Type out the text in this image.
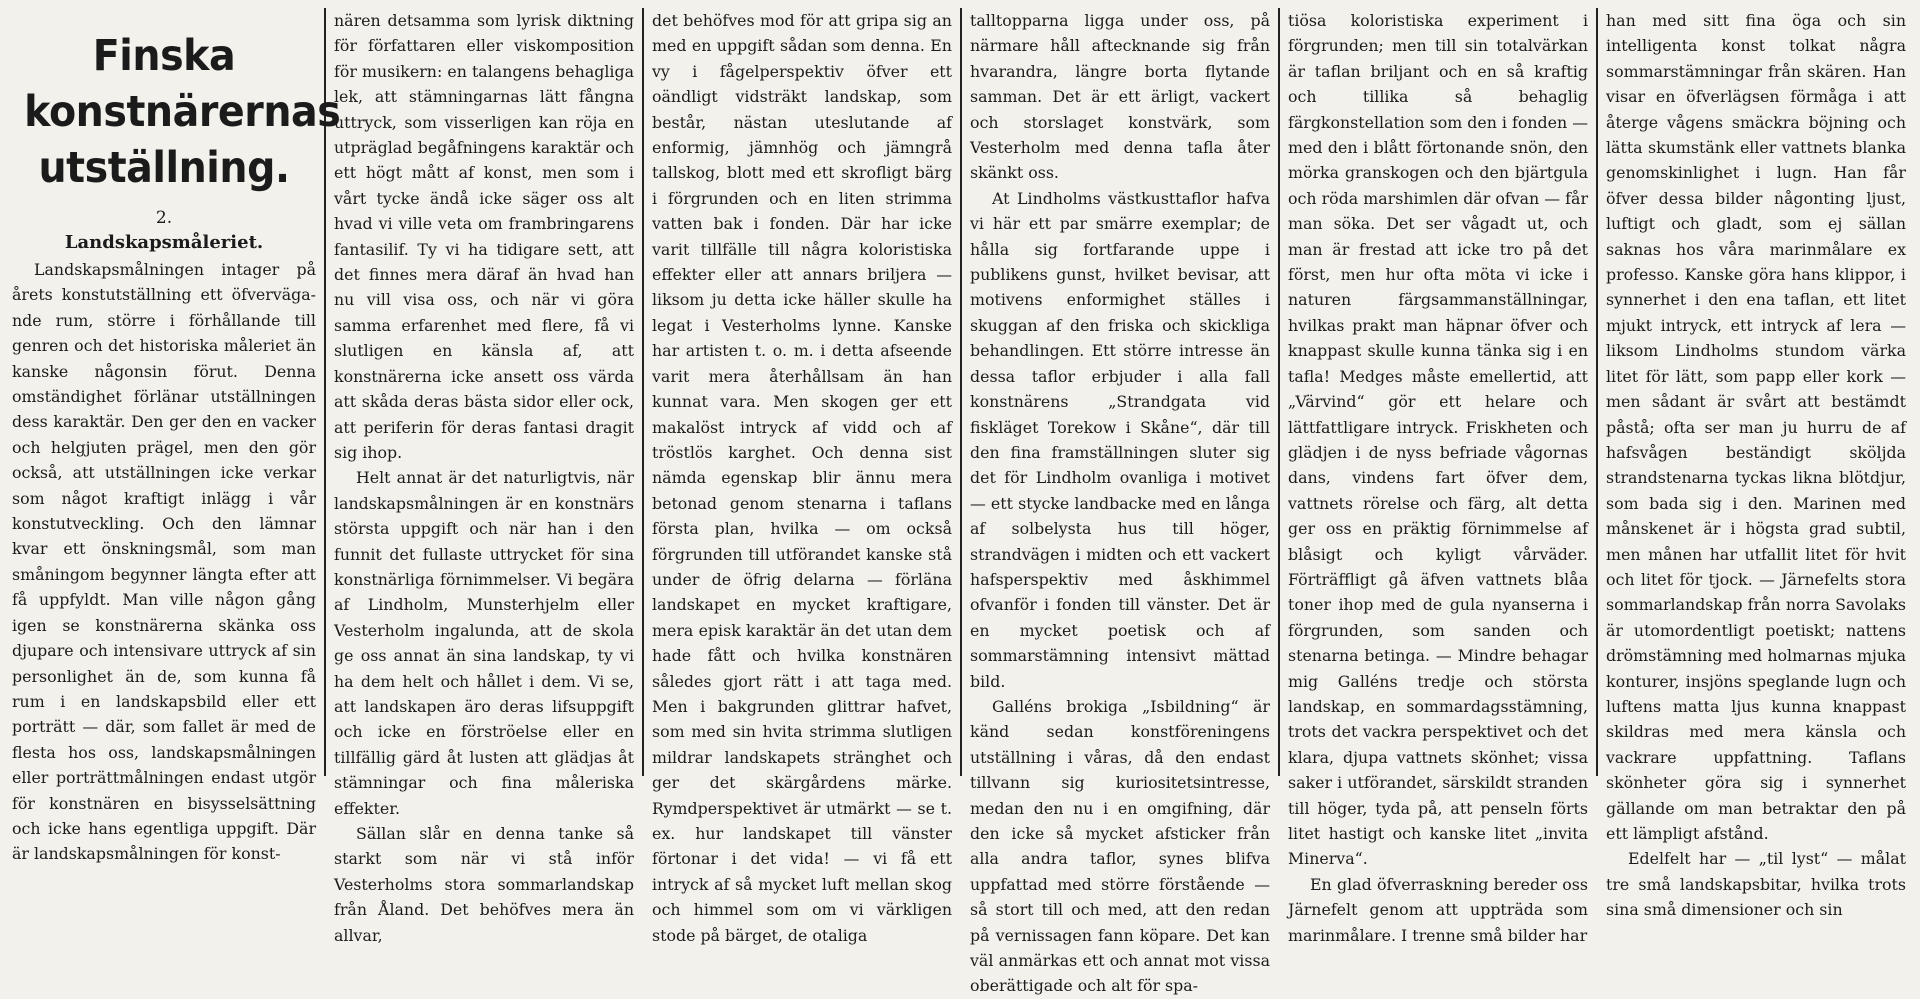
Finska konstnärernas utställning.
2.
Landskapsmåleriet.

Landskapsmålningen intager på årets konstutställning ett öfvervägande rum, större i förhållande till genren och det historiska måleriet än kanske någonsin förut. Denna omständighet förlänar utställningen dess karaktär. Den ger den en vacker och helgjuten prägel, men den gör också, att utställningen icke verkar som något kraftigt inlägg i vår konstutveckling. Och den lämnar kvar ett önskningsmål, som man småningom begynner längta efter att få uppfyldt. Man ville någon gång igen se konstnärerna skänka oss djupare och intensivare uttryck af sin personlighet än de, som kunna få rum i en landskapsbild eller ett porträtt — där, som fallet är med de flesta hos oss, landskapsmålningen eller porträttmålningen endast utgör för konstnären en bisysselsättning och icke hans egentliga uppgift. Där är landskapsmålningen för konst-

nären detsamma som lyrisk diktning för författaren eller viskomposition för musikern: en talangens behagliga lek, att stämningarnas lätt fångna uttryck, som visserligen kan röja en utpräglad begåfningens karaktär och ett högt mått af konst, men som i vårt tycke ändå icke säger oss alt hvad vi ville veta om frambringarens fantasilif. Ty vi ha tidigare sett, att det finnes mera däraf än hvad han nu vill visa oss, och när vi göra samma erfarenhet med flere, få vi slutligen en känsla af, att konstnärerna icke ansett oss värda att skåda deras bästa sidor eller ock, att periferin för deras fantasi dragit sig ihop.

Helt annat är det naturligtvis, när landskapsmålningen är en konstnärs största uppgift och när han i den funnit det fullaste uttrycket för sina konstnärliga förnimmelser. Vi begära af Lindholm, Munsterhjelm eller Vesterholm ingalunda, att de skola ge oss annat än sina landskap, ty vi ha dem helt och hållet i dem. Vi se, att landskapen äro deras lifsuppgift och icke en förströelse eller en tillfällig gärd åt lusten att glädjas åt stämningar och fina måleriska effekter.

Sällan slår en denna tanke så starkt som när vi stå inför Vesterholms stora sommarlandskap från Åland. Det behöfves mera än allvar,

det behöfves mod för att gripa sig an med en uppgift sådan som denna. En vy i fågelperspektiv öfver ett oändligt vidsträkt landskap, som består, nästan uteslutande af enformig, jämnhög och jämngrå tallskog, blott med ett skrofligt bärg i förgrunden och en liten strimma vatten bak i fonden. Där har icke varit tillfälle till några koloristiska effekter eller att annars briljera — liksom ju detta icke häller skulle ha legat i Vesterholms lynne. Kanske har artisten t. o. m. i detta afseende varit mera återhållsam än han kunnat vara. Men skogen ger ett makalöst intryck af vidd och af tröstlös karghet. Och denna sist nämda egenskap blir ännu mera betonad genom stenarna i taflans första plan, hvilka — om också förgrunden till utförandet kanske stå under de öfrig delarna — förläna landskapet en mycket kraftigare, mera episk karaktär än det utan dem hade fått och hvilka konstnären således gjort rätt i att taga med. Men i bakgrunden glittrar hafvet, som med sin hvita strimma slutligen mildrar landskapets stränghet och ger det skärgårdens märke. Rymdperspektivet är utmärkt — se t. ex. hur landskapet till vänster förtonar i det vida! — vi få ett intryck af så mycket luft mellan skog och himmel som om vi värkligen stode på bärget, de otaliga

talltopparna ligga under oss, på närmare håll aftecknande sig från hvarandra, längre borta flytande samman. Det är ett ärligt, vackert och storslaget konstvärk, som Vesterholm med denna tafla åter skänkt oss.

At Lindholms västkusttaflor hafva vi här ett par smärre exemplar; de hålla sig fortfarande uppe i publikens gunst, hvilket bevisar, att motivens enformighet ställes i skuggan af den friska och skickliga behandlingen. Ett större intresse än dessa taflor erbjuder i alla fall konstnärens „Strandgata vid fiskläget Torekow i Skåne“, där till den fina framställningen sluter sig det för Lindholm ovanliga i motivet — ett stycke landbacke med en långa af solbelysta hus till höger, strandvägen i midten och ett vackert hafsperspektiv med åskhimmel ofvanför i fonden till vänster. Det är en mycket poetisk och af sommarstämning intensivt mättad bild.

Galléns brokiga „Isbildning“ är känd sedan konstföreningens utställning i våras, då den endast tillvann sig kuriositetsintresse, medan den nu i en omgifning, där den icke så mycket afsticker från alla andra taflor, synes blifva uppfattad med större förstående — så stort till och med, att den redan på vernissagen fann köpare. Det kan väl anmärkas ett och annat mot vissa oberättigade och alt för spa-

tiösa koloristiska experiment i förgrunden; men till sin totalvärkan är taflan briljant och en så kraftig och tillika så behaglig färgkonstellation som den i fonden — med den i blått förtonande snön, den mörka granskogen och den bjärtgula och röda marshimlen där ofvan — får man söka. Det ser vågadt ut, och man är frestad att icke tro på det först, men hur ofta möta vi icke i naturen färgsammanställningar, hvilkas prakt man häpnar öfver och knappast skulle kunna tänka sig i en tafla! Medges måste emellertid, att „Värvind“ gör ett helare och lättfattligare intryck. Friskheten och glädjen i de nyss befriade vågornas dans, vindens fart öfver dem, vattnets rörelse och färg, alt detta ger oss en präktig förnimmelse af blåsigt och kyligt vårväder. Förträffligt gå äfven vattnets blåa toner ihop med de gula nyanserna i förgrunden, som sanden och stenarna betinga. — Mindre behagar mig Galléns tredje och största landskap, en sommardagsstämning, trots det vackra perspektivet och det klara, djupa vattnets skönhet; vissa saker i utförandet, särskildt stranden till höger, tyda på, att penseln förts litet hastigt och kanske litet „invita Minerva“.

En glad öfverraskning bereder oss Järnefelt genom att uppträda som marinmålare. I trenne små bilder har

han med sitt fina öga och sin intelligenta konst tolkat några sommarstämningar från skären. Han visar en öfverlägsen förmåga i att återge vågens smäckra böjning och lätta skumstänk eller vattnets blanka genomskinlighet i lugn. Han får öfver dessa bilder någonting ljust, luftigt och gladt, som ej sällan saknas hos våra marinmålare ex professo. Kanske göra hans klippor, i synnerhet i den ena taflan, ett litet mjukt intryck, ett intryck af lera — liksom Lindholms stundom värka litet för lätt, som papp eller kork — men sådant är svårt att bestämdt påstå; ofta ser man ju hurru de af hafsvågen beständigt sköljda strandstenarna tyckas likna blötdjur, som bada sig i den. Marinen med månskenet är i högsta grad subtil, men månen har utfallit litet för hvit och litet för tjock. — Järnefelts stora sommarlandskap från norra Savolaks är utomordentligt poetiskt; nattens drömstämning med holmarnas mjuka konturer, insjöns speglande lugn och luftens matta ljus kunna knappast skildras med mera känsla och vackrare uppfattning. Taflans skönheter göra sig i synnerhet gällande om man betraktar den på ett lämpligt afstånd.

Edelfelt har — „til lyst“ — målat tre små landskapsbitar, hvilka trots sina små dimensioner och sin
